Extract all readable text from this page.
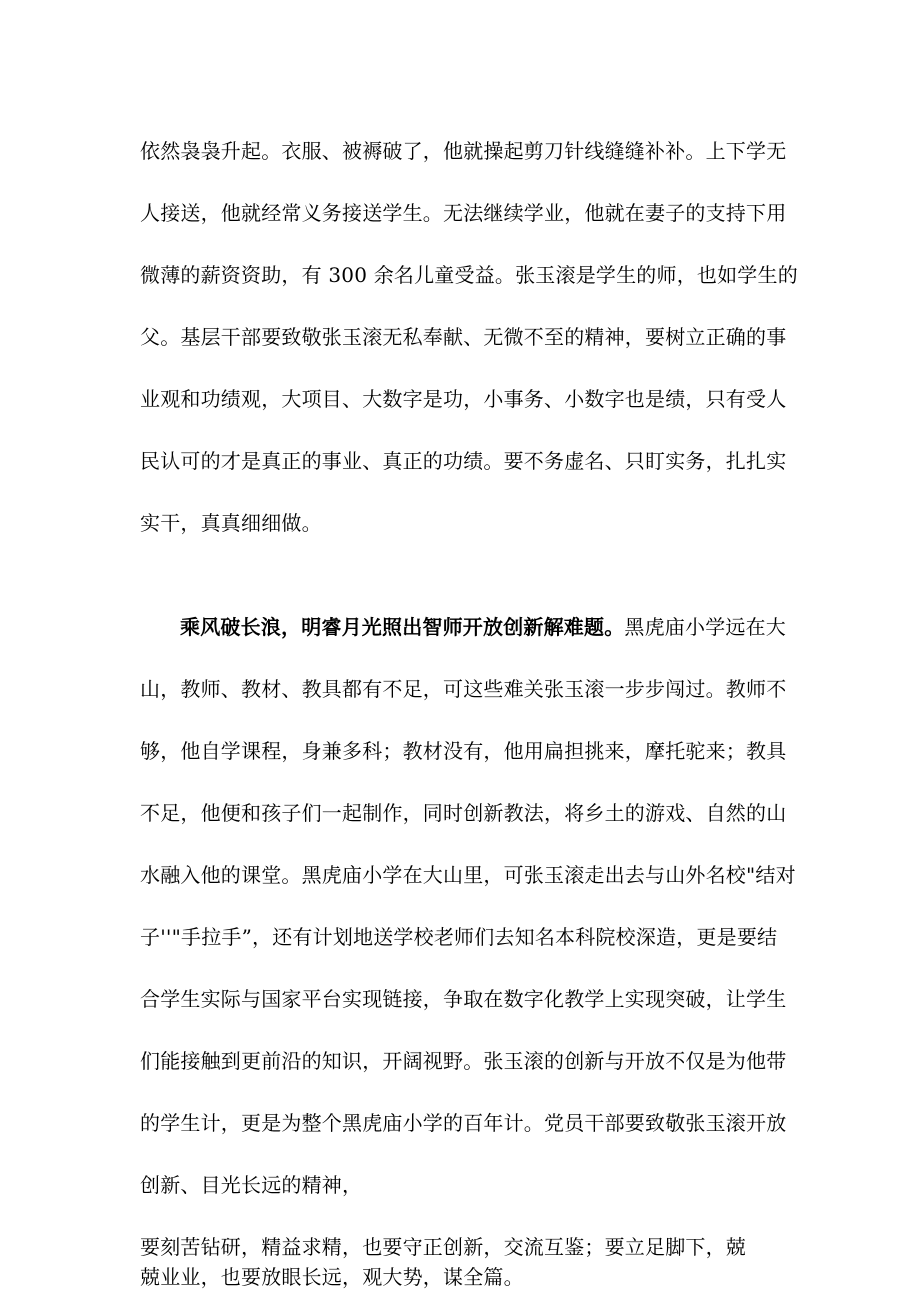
依然袅袅升起。衣服、被褥破了，他就操起剪刀针线缝缝补补。上下学无
人接送，他就经常义务接送学生。无法继续学业，他就在妻子的支持下用
微薄的薪资资助，有 300 余名儿童受益。张玉滚是学生的师，也如学生的
父。基层干部要致敬张玉滚无私奉献、无微不至的精神，要树立正确的事
业观和功绩观，大项目、大数字是功，小事务、小数字也是绩，只有受人
民认可的才是真正的事业、真正的功绩。要不务虚名、只盯实务，扎扎实
实干，真真细细做。
乘风破长浪，明睿月光照出智师开放创新解难题。黑虎庙小学远在大
山，教师、教材、教具都有不足，可这些难关张玉滚一步步闯过。教师不
够，他自学课程，身兼多科；教材没有，他用扁担挑来，摩托驼来；教具
不足，他便和孩子们一起制作，同时创新教法，将乡土的游戏、自然的山
水融入他的课堂。黑虎庙小学在大山里，可张玉滚走出去与山外名校"结对
子''"手拉手”，还有计划地送学校老师们去知名本科院校深造，更是要结
合学生实际与国家平台实现链接，争取在数字化教学上实现突破，让学生
们能接触到更前沿的知识，开阔视野。张玉滚的创新与开放不仅是为他带
的学生计，更是为整个黑虎庙小学的百年计。党员干部要致敬张玉滚开放
创新、目光长远的精神，
要刻苦钻研，精益求精，也要守正创新，交流互鉴；要立足脚下，兢
兢业业，也要放眼长远，观大势，谋全篇。
